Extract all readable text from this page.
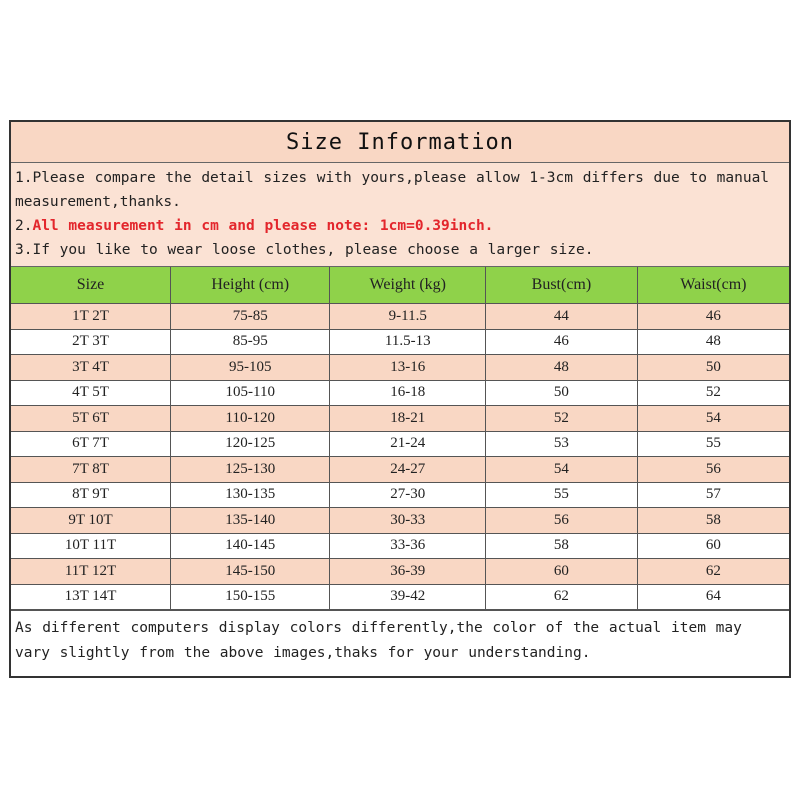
Size Information
1.Please compare the detail sizes with yours,please allow 1-3cm differs due to manual measurement,thanks.
2.All measurement in cm and please note: 1cm=0.39inch.
3.If you like to wear loose clothes, please choose a larger size.
Size	Height (cm)	Weight (kg)	Bust(cm)	Waist(cm)
1T 2T	75-85	9-11.5	44	46
2T 3T	85-95	11.5-13	46	48
3T 4T	95-105	13-16	48	50
4T 5T	105-110	16-18	50	52
5T 6T	110-120	18-21	52	54
6T 7T	120-125	21-24	53	55
7T 8T	125-130	24-27	54	56
8T 9T	130-135	27-30	55	57
9T 10T	135-140	30-33	56	58
10T 11T	140-145	33-36	58	60
11T 12T	145-150	36-39	60	62
13T 14T	150-155	39-42	62	64
As different computers display colors differently,the color of the actual item may vary slightly from the above images,thaks for your understanding.
